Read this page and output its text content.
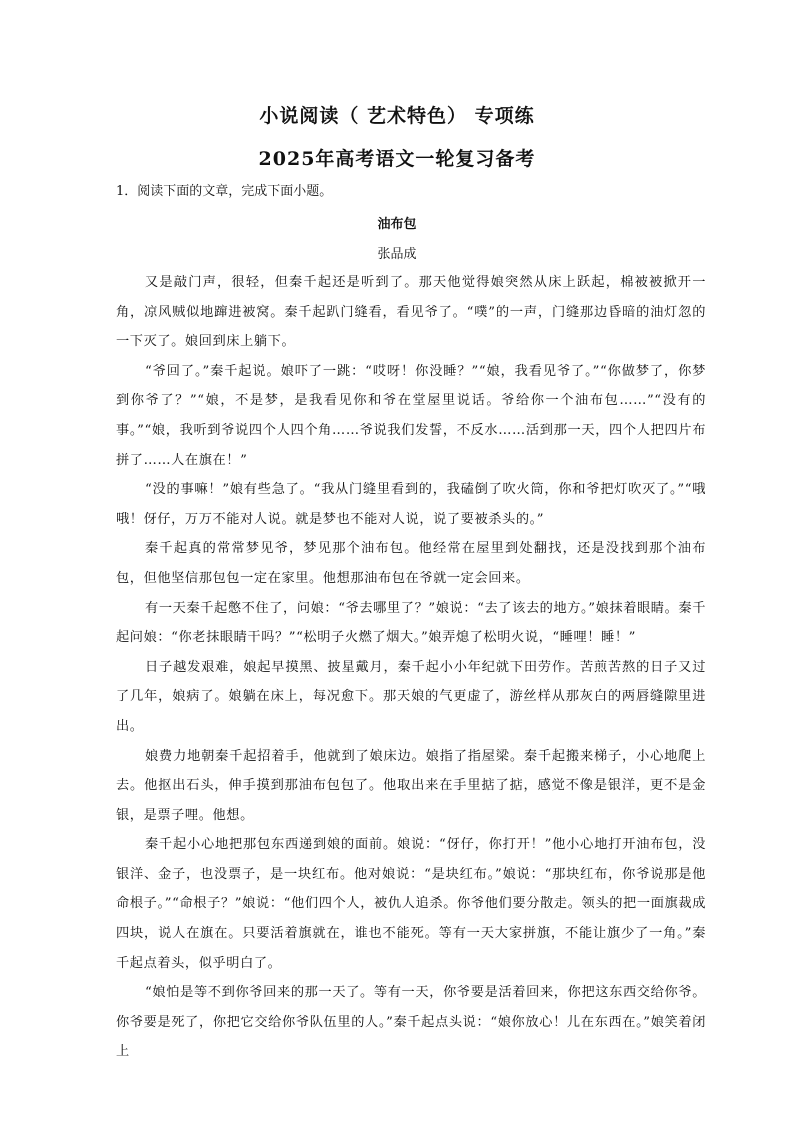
小说阅读（ 艺术特色） 专项练
2025年高考语文一轮复习备考
1．阅读下面的文章，完成下面小题。
油布包
张品成

又是敲门声，很轻，但秦千起还是听到了。那天他觉得娘突然从床上跃起，棉被被掀开一角，凉风贼似地蹿进被窝。秦千起趴门缝看，看见爷了。“噗”的一声，门缝那边昏暗的油灯忽的一下灭了。娘回到床上躺下。

“爷回了。”秦千起说。娘吓了一跳：“哎呀！你没睡？”“娘，我看见爷了。”“你做梦了，你梦到你爷了？”“娘，不是梦，是我看见你和爷在堂屋里说话。爷给你一个油布包……”“没有的事。”“娘，我听到爷说四个人四个角……爷说我们发誓，不反水……活到那一天，四个人把四片布拼了……人在旗在！”

“没的事嘛！”娘有些急了。“我从门缝里看到的，我磕倒了吹火筒，你和爷把灯吹灭了。”“哦哦！伢仔，万万不能对人说。就是梦也不能对人说，说了要被杀头的。”

秦千起真的常常梦见爷，梦见那个油布包。他经常在屋里到处翻找，还是没找到那个油布包，但他坚信那包包一定在家里。他想那油布包在爷就一定会回来。

有一天秦千起憋不住了，问娘：“爷去哪里了？”娘说：“去了该去的地方。”娘抹着眼睛。秦千起问娘：“你老抹眼睛干吗？”“松明子火燃了烟大。”娘弄熄了松明火说，“睡哩！睡！”

日子越发艰难，娘起早摸黑、披星戴月，秦千起小小年纪就下田劳作。苦煎苦熬的日子又过了几年，娘病了。娘躺在床上，每况愈下。那天娘的气更虚了，游丝样从那灰白的两唇缝隙里进出。

娘费力地朝秦千起招着手，他就到了娘床边。娘指了指屋梁。秦千起搬来梯子，小心地爬上去。他抠出石头，伸手摸到那油布包包了。他取出来在手里掂了掂，感觉不像是银洋，更不是金银，是票子哩。他想。

秦千起小心地把那包东西递到娘的面前。娘说：“伢仔，你打开！”他小心地打开油布包，没银洋、金子，也没票子，是一块红布。他对娘说：“是块红布。”娘说：“那块红布，你爷说那是他命根子。”“命根子？”娘说：“他们四个人，被仇人追杀。你爷他们要分散走。领头的把一面旗裁成四块，说人在旗在。只要活着旗就在，谁也不能死。等有一天大家拼旗，不能让旗少了一角。”秦千起点着头，似乎明白了。

“娘怕是等不到你爷回来的那一天了。等有一天，你爷要是活着回来，你把这东西交给你爷。你爷要是死了，你把它交给你爷队伍里的人。”秦千起点头说：“娘你放心！儿在东西在。”娘笑着闭上
